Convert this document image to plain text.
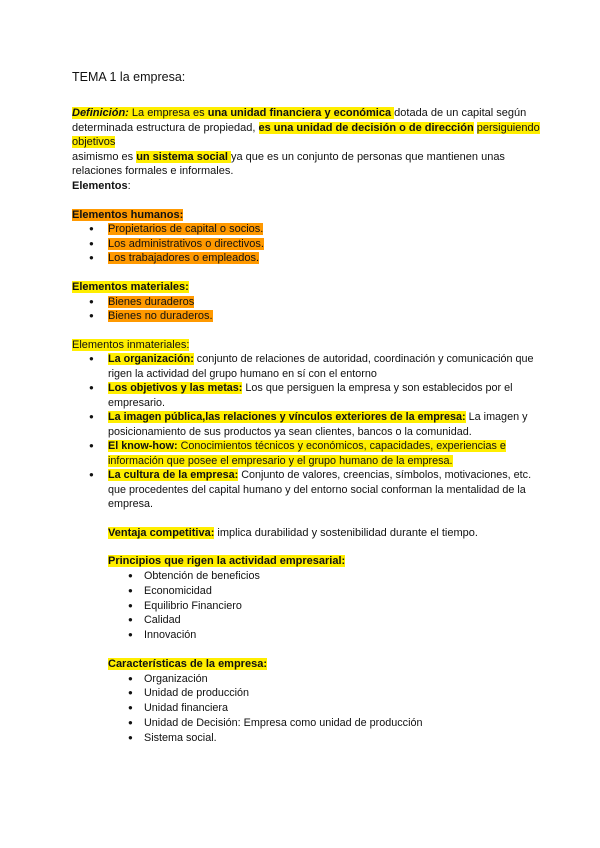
TEMA 1 la empresa:

Definición: La empresa es una unidad financiera y económica dotada de un capital según determinada estructura de propiedad, es una unidad de decisión o de dirección persiguiendo objetivos
asimismo es un sistema social ya que es un conjunto de personas que mantienen unas relaciones formales e informales.

Elementos:

Elementos humanos:

● Propietarios de capital o socios.
● Los administrativos o directivos.
● Los trabajadores o empleados.

Elementos materiales:

● Bienes duraderos
● Bienes no duraderos.

Elementos inmateriales:

● La organización: conjunto de relaciones de autoridad, coordinación y comunicación que rigen la actividad del grupo humano en sí con el entorno
● Los objetivos y las metas: Los que persiguen la empresa y son establecidos por el empresario.
● La imagen pública,las relaciones y vínculos exteriores de la empresa: La imagen y posicionamiento de sus productos ya sean clientes, bancos o la comunidad.
● El know-how: Conocimientos técnicos y económicos, capacidades, experiencias e información que posee el empresario y el grupo humano de la empresa.
● La cultura de la empresa: Conjunto de valores, creencias, símbolos, motivaciones, etc. que procedentes del capital humano y del entorno social conforman la mentalidad de la empresa.

Ventaja competitiva: implica durabilidad y sostenibilidad durante el tiempo.

Principios que rigen la actividad empresarial:

● Obtención de beneficios
● Economicidad
● Equilibrio Financiero
● Calidad
● Innovación

Características de la empresa:

● Organización
● Unidad de producción
● Unidad financiera
● Unidad de Decisión: Empresa como unidad de producción
● Sistema social.
